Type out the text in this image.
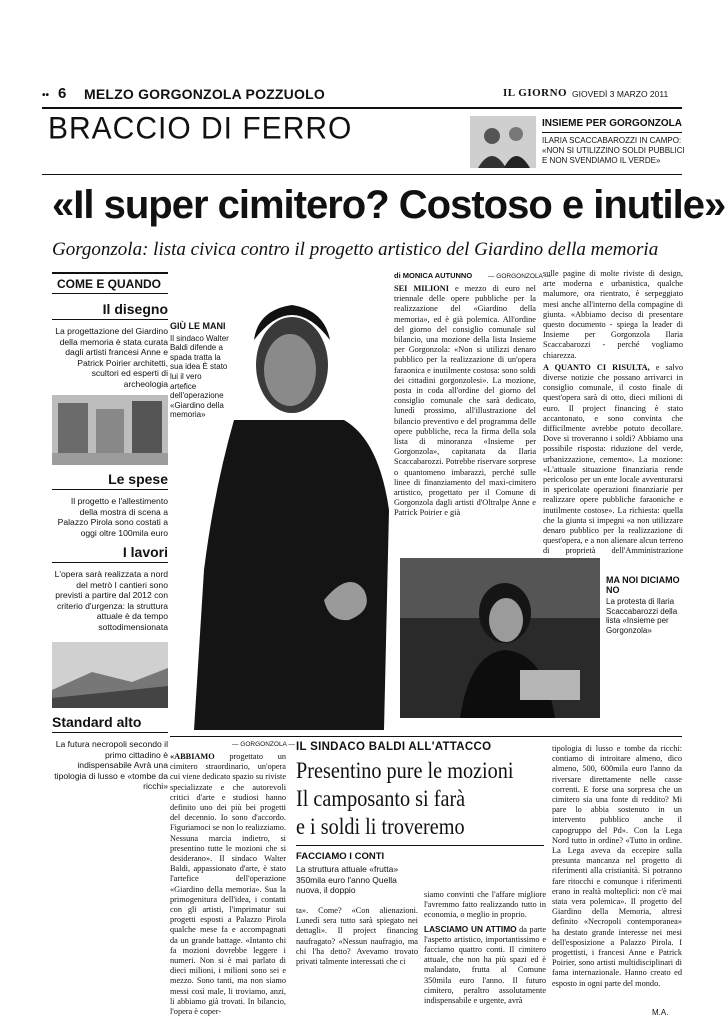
•• 6 MELZO GORGONZOLA POZZUOLO	IL GIORNO GIOVEDÌ 3 MARZO 2011
BRACCIO DI FERRO	INSIEME PER GORGONZOLA
ILARIA SCACCABAROZZI IN CAMPO:
«NON SI UTILIZZINO SOLDI PUBBLICI
E NON SVENDIAMO IL VERDE»
«Il super cimitero? Costoso e inutile»
Gorgonzola: lista civica contro il progetto artistico del Giardino della memoria
COME E QUANDO
Il disegno
La progettazione del Giardino della memoria è stata curata dagli artisti francesi Anne e Patrick Poirier architetti, scultori ed esperti di archeologia
Le spese
Il progetto e l'allestimento della mostra di scena a Palazzo Pirola sono costati a oggi oltre 100mila euro
I lavori
L'opera sarà realizzata a nord del metrò I cantieri sono previsti a partire dal 2012 con criterio d'urgenza: la struttura attuale è da tempo sottodimensionata
Standard alto
La futura necropoli secondo il primo cittadino è indispensabile Avrà una tipologia di lusso e «tombe da ricchi»
GIÙ LE MANI
Il sindaco Walter Baldi difende a spada tratta la sua idea È stato lui il vero artefice dell'operazione «Giardino della memoria»
di MONICA AUTUNNO — GORGONZOLA —
SEI MILIONI e mezzo di euro nel triennale delle opere pubbliche per la realizzazione del «Giardino della memoria», ed è già polemica. All'ordine del giorno del consiglio comunale sul bilancio, una mozione della lista Insieme per Gorgonzola: «Non si utilizzi denaro pubblico per la realizzazione di un'opera faraonica e inutilmente costosa: sono soldi dei cittadini gorgonzolesi». La mozione, posta in coda all'ordine del giorno del consiglio comunale che sarà dedicato, lunedì prossimo, all'illustrazione del bilancio preventivo e del programma delle opere pubbliche, reca la firma della sola lista di minoranza «Insieme per Gorgonzola», capitanata da Ilaria Scaccabarozzi. Potrebbe riservare sorprese o quantomeno imbarazzi, perché sulle linee di finanziamento del maxi-cimitero artistico, progettato per il Comune di Gorgonzola dagli artisti d'Oltralpe Anne e Patrick Poirier e già
sulle pagine di molte riviste di design, arte moderna e urbanistica, qualche malumore, ora rientrato, è serpeggiato mesi anche all'interno della compagine di giunta. «Abbiamo deciso di presentare questo documento - spiega la leader di Insieme per Gorgonzola Ilaria Scaccabarozzi - perché vogliamo chiarezza.
A QUANTO CI RISULTA, e salvo diverse notizie che possano arrivarci in consiglio comunale, il costo finale di quest'opera sarà di otto, dieci milioni di euro. Il project financing è stato accantonato, e sono convinta che difficilmente avrebbe potuto decollare. Dove si troveranno i soldi? Abbiamo una possibile risposta: riduzione del verde, urbanizzazione, cemento». La mozione: «L'attuale situazione finanziaria rende pericoloso per un ente locale avventurarsi in spericolate operazioni finanziarie per realizzare opere pubbliche faraoniche e inutilmente costose». La richiesta: quella che la giunta si impegni «a non utilizzare denaro pubblico per la realizzazione di quest'opera, e a non alienare alcun terreno di proprietà dell'Amministrazione
MA NOI DICIAMO NO
La protesta di Ilaria Scaccabarozzi della lista «Insieme per Gorgonzola»
— GORGONZOLA —
«ABBIAMO progettato un cimitero straordinario, un'opera cui viene dedicato spazio su riviste specializzate e che autorevoli critici d'arte e studiosi hanno definito uno dei più bei progetti del decennio. Io sono d'accordo. Figuriamoci se non lo realizziamo. Nessuna marcia indietro, si presentino tutte le mozioni che si desiderano». Il sindaco Walter Baldi, appassionato d'arte, è stato l'artefice dell'operazione «Giardino della memoria». Sua la primogenitura dell'idea, i contatti con gli artisti, l'imprimatur sui progetti esposti a Palazzo Pirola qualche mese fa e accompagnati da un grande battage. «Intanto chi fa mozioni dovrebbe leggere i numeri. Non si è mai parlato di dieci milioni, i milioni sono sei e mezzo. Sono tanti, ma non siamo messi così male, li troviamo, anzi, li abbiamo già trovati. In bilancio, l'opera è coper-
IL SINDACO BALDI ALL'ATTACCO
Presentino pure le mozioni
Il camposanto si farà
e i soldi li troveremo
FACCIAMO I CONTI
La struttura attuale «frutta» 350mila euro l'anno Quella nuova, il doppio
ta». Come? «Con alienazioni. Lunedì sera tutto sarà spiegato nei dettagli». Il project financing naufragato? «Nessun naufragio, ma chi l'ha detto? Avevamo trovato privati talmente interessati che ci
siamo convinti che l'affare migliore l'avremmo fatto realizzando tutto in economia, o meglio in proprio.
LASCIAMO UN ATTIMO da parte l'aspetto artistico, importantissimo e facciamo quattro conti. Il cimitero attuale, che non ha più spazi ed è malandato, frutta al Comune 350mila euro l'anno. Il futuro cimitero, peraltro assolutamente indispensabile e urgente, avrà
tipologia di lusso e tombe da ricchi: contiamo di introitare almeno, dico almeno, 500, 600mila euro l'anno da riversare direttamente nelle casse correnti. E forse una sorpresa che un cimitero sia una fonte di reddito? Mi pare lo abbia sostenuto in un intervento pubblico anche il capogruppo del Pd». Con la Lega Nord tutto in ordine? «Tutto in ordine. La Lega aveva da eccepire sulla presunta mancanza nel progetto di riferimenti alla cristianità. Si potranno fare ritocchi e comunque i riferimenti erano in realtà molteplici: non c'è mai stata vera polemica». Il progetto del Giardino della Memoria, altresì definito «Necropoli contemporanea» ha destato grande interesse nei mesi dell'esposizione a Palazzo Pirola. I progettisti, i francesi Anne e Patrick Poirier, sono artisti multidisciplinari di fama internazionale. Hanno creato ed esposto in ogni parte del mondo.
M.A.
